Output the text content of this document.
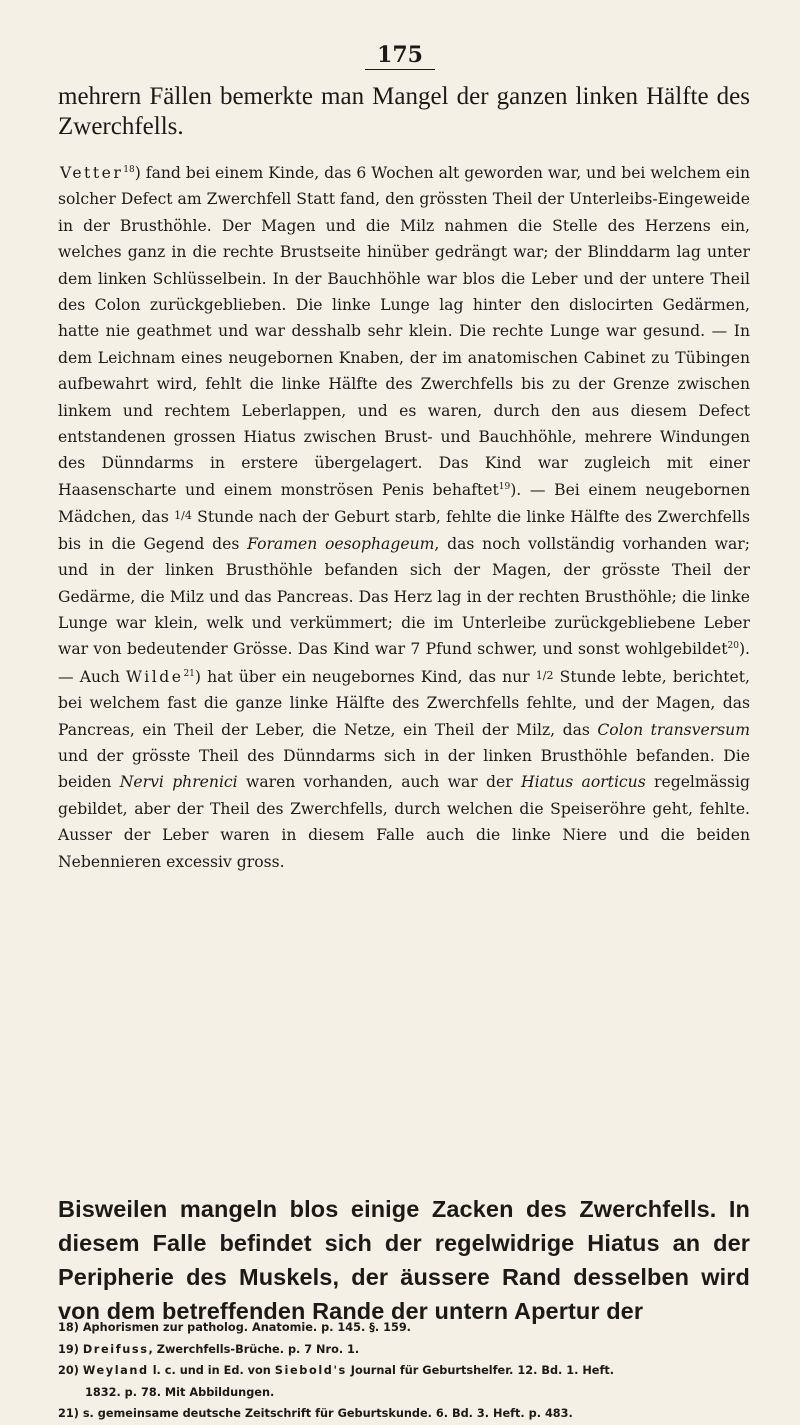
175

mehrern Fällen bemerkte man Mangel der ganzen linken Hälfte des Zwerchfells.

Vetter$^{18}$) fand bei einem Kinde, das 6 Wochen alt geworden war, und bei welchem ein solcher Defect am Zwerchfell Statt fand, den grössten Theil der Unterleibs-Eingeweide in der Brusthöhle. Der Magen und die Milz nahmen die Stelle des Herzens ein, welches ganz in die rechte Brustseite hinüber gedrängt war; der Blinddarm lag unter dem linken Schlüsselbein. In der Bauchhöhle war blos die Leber und der untere Theil des Colon zurückgeblieben. Die linke Lunge lag hinter den dislocirten Gedärmen, hatte nie geathmet und war desshalb sehr klein. Die rechte Lunge war gesund. — In dem Leichnam eines neugebornen Knaben, der im anatomischen Cabinet zu Tübingen aufbewahrt wird, fehlt die linke Hälfte des Zwerchfells bis zu der Grenze zwischen linkem und rechtem Leberlappen, und es waren, durch den aus diesem Defect entstandenen grossen Hiatus zwischen Brust- und Bauchhöhle, mehrere Windungen des Dünndarms in erstere übergelagert. Das Kind war zugleich mit einer Haasenscharte und einem monströsen Penis behaftet$^{19}$). — Bei einem neugebornen Mädchen, das 1/4 Stunde nach der Geburt starb, fehlte die linke Hälfte des Zwerchfells bis in die Gegend des Foramen oesophageum, das noch vollständig vorhanden war; und in der linken Brusthöhle befanden sich der Magen, der grösste Theil der Gedärme, die Milz und das Pancreas. Das Herz lag in der rechten Brusthöhle; die linke Lunge war klein, welk und verkümmert; die im Unterleibe zurückgebliebene Leber war von bedeutender Grösse. Das Kind war 7 Pfund schwer, und sonst wohlgebildet$^{20}$). — Auch Wilde$^{21}$) hat über ein neugebornes Kind, das nur 1/2 Stunde lebte, berichtet, bei welchem fast die ganze linke Hälfte des Zwerchfells fehlte, und der Magen, das Pancreas, ein Theil der Leber, die Netze, ein Theil der Milz, das Colon transversum und der grösste Theil des Dünndarms sich in der linken Brusthöhle befanden. Die beiden Nervi phrenici waren vorhanden, auch war der Hiatus aorticus regelmässig gebildet, aber der Theil des Zwerchfells, durch welchen die Speiseröhre geht, fehlte. Ausser der Leber waren in diesem Falle auch die linke Niere und die beiden Nebennieren excessiv gross.

Bisweilen mangeln blos einige Zacken des Zwerchfells. In diesem Falle befindet sich der regelwidrige Hiatus an der Peripherie des Muskels, der äussere Rand desselben wird von dem betreffenden Rande der untern Apertur der

18) Aphorismen zur patholog. Anatomie. p. 145. §. 159.
19) Dreifuss, Zwerchfells-Brüche. p. 7 Nro. 1.
20) Weyland l. c. und in Ed. von Siebold's Journal für Geburtshelfer. 12. Bd. 1. Heft.
1832. p. 78. Mit Abbildungen.
21) s. gemeinsame deutsche Zeitschrift für Geburtskunde. 6. Bd. 3. Heft. p. 483.
